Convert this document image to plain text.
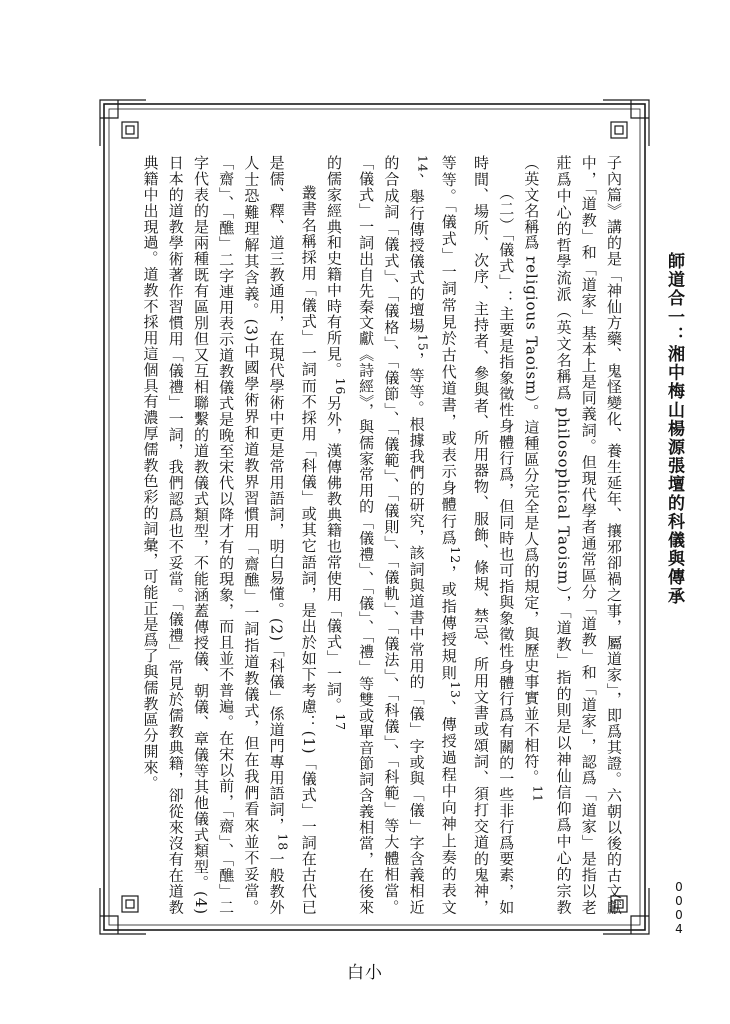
師道合一：湘中梅山楊源張壇的科儀與傳承
0004

子內篇》講的是「神仙方藥、鬼怪變化、養生延年、攘邪卻禍之事，屬道家」，即爲其證。六朝以後的古文獻中，「道教」和「道家」基本上是同義詞。但現代學者通常區分「道教」和「道家」，認爲「道家」是指以老莊爲中心的哲學流派（英文名稱爲 philosophical Taoism），「道教」指的則是以神仙信仰爲中心的宗教（英文名稱爲 religious Taoism）。這種區分完全是人爲的規定，與歷史事實並不相符。$^{11}$

（二）「儀式」：主要是指象徵性身體行爲，但同時也可指與象徵性身體行爲有關的一些非行爲要素，如時間、場所、次序、主持者、參與者、所用器物、服飾、條規、禁忌、所用文書或頌詞、須打交道的鬼神，等等。「儀式」一詞常見於古代道書，或表示身體行爲$^{12}$，或指傳授規則$^{13}$、傳授過程中向神上奏的表文$^{14}$、舉行傳授儀式的壇場$^{15}$，等等。根據我們的研究，該詞與道書中常用的「儀」字或與「儀」字含義相近的合成詞「儀式」、「儀格」、「儀節」、「儀範」、「儀則」、「儀軌」、「儀法」、「科儀」、「科範」等大體相當。「儀式」一詞出自先秦文獻《詩經》，與儒家常用的「儀禮」、「儀」、「禮」等雙或單音節詞含義相當，在後來的儒家經典和史籍中時有所見。$^{16}$另外，漢傳佛教典籍也常使用「儀式」一詞。$^{17}$

叢書名稱採用「儀式」一詞而不採用「科儀」或其它語詞，是出於如下考慮：(1)「儀式」一詞在古代已是儒、釋、道三教通用，在現代學術中更是常用語詞，明白易懂。(2)「科儀」係道門專用語詞，$^{18}$一般教外人士恐難理解其含義。(3)中國學術界和道教界習慣用「齋醮」一詞指道教儀式，但在我們看來並不妥當。「齋」、「醮」二字連用表示道教儀式是晚至宋代以降才有的現象，而且並不普遍。在宋以前，「齋」、「醮」二字代表的是兩種既有區別但又互相聯繫的道教儀式類型，不能涵蓋傳授儀、朝儀、章儀等其他儀式類型。(4)日本的道教學術著作習慣用「儀禮」一詞，我們認爲也不妥當。「儀禮」常見於儒教典籍，卻從來沒有在道教典籍中出現過。道教不採用這個具有濃厚儒教色彩的詞彙，可能正是爲了與儒教區分開來。

白小
